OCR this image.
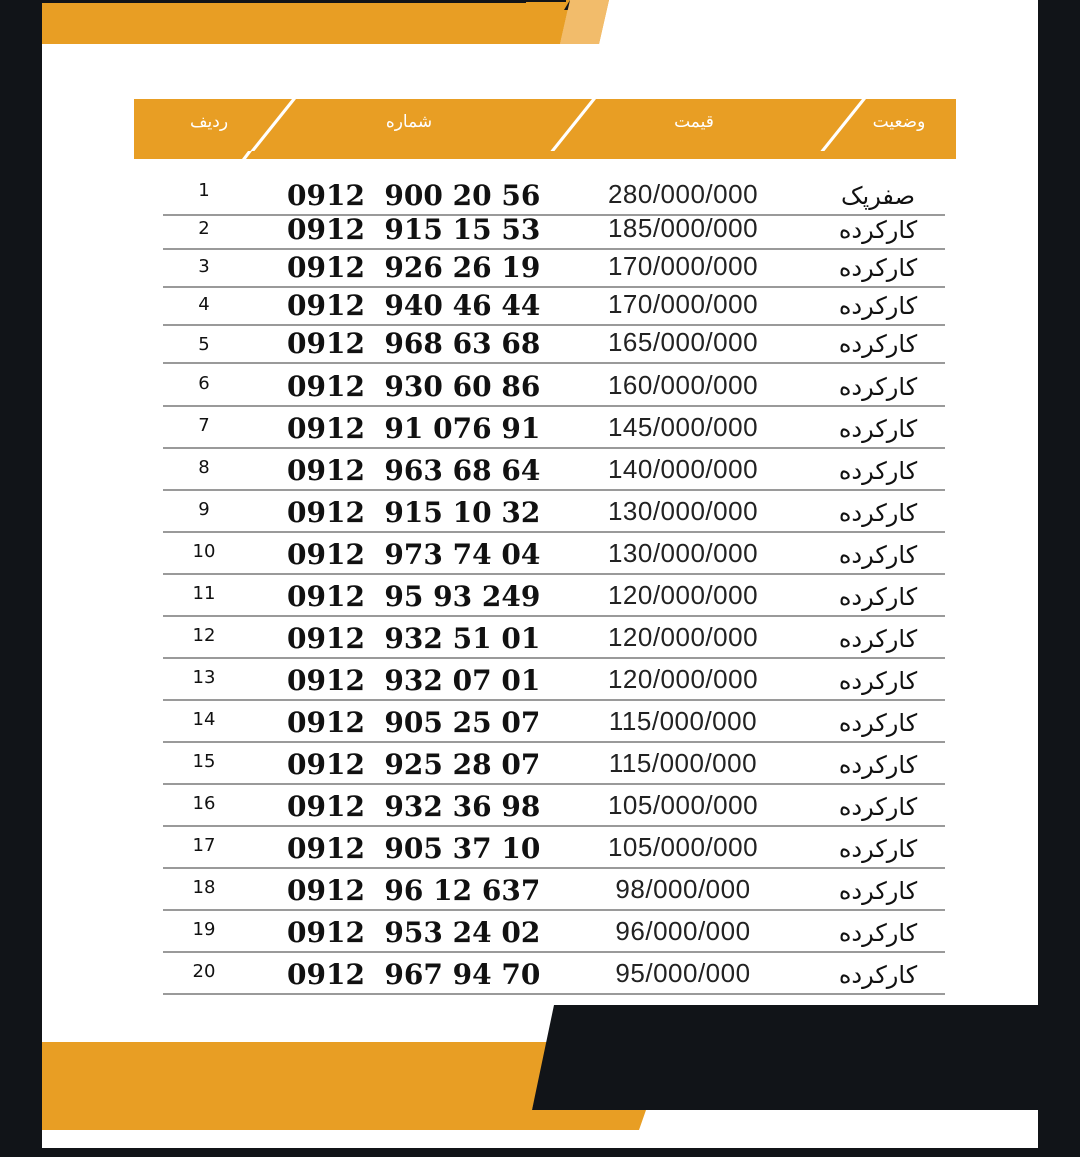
ردیف	شماره	قیمت	وضعیت
1	0912  900 20 56	280/000/000	صفرپک
2	0912  915 15 53	185/000/000	کارکرده
3	0912  926 26 19	170/000/000	کارکرده
4	0912  940 46 44	170/000/000	کارکرده
5	0912  968 63 68	165/000/000	کارکرده
6	0912  930 60 86	160/000/000	کارکرده
7	0912  91 076 91	145/000/000	کارکرده
8	0912  963 68 64	140/000/000	کارکرده
9	0912  915 10 32	130/000/000	کارکرده
10	0912  973 74 04	130/000/000	کارکرده
11	0912  95 93 249	120/000/000	کارکرده
12	0912  932 51 01	120/000/000	کارکرده
13	0912  932 07 01	120/000/000	کارکرده
14	0912  905 25 07	115/000/000	کارکرده
15	0912  925 28 07	115/000/000	کارکرده
16	0912  932 36 98	105/000/000	کارکرده
17	0912  905 37 10	105/000/000	کارکرده
18	0912  96 12 637	98/000/000	کارکرده
19	0912  953 24 02	96/000/000	کارکرده
20	0912  967 94 70	95/000/000	کارکرده
